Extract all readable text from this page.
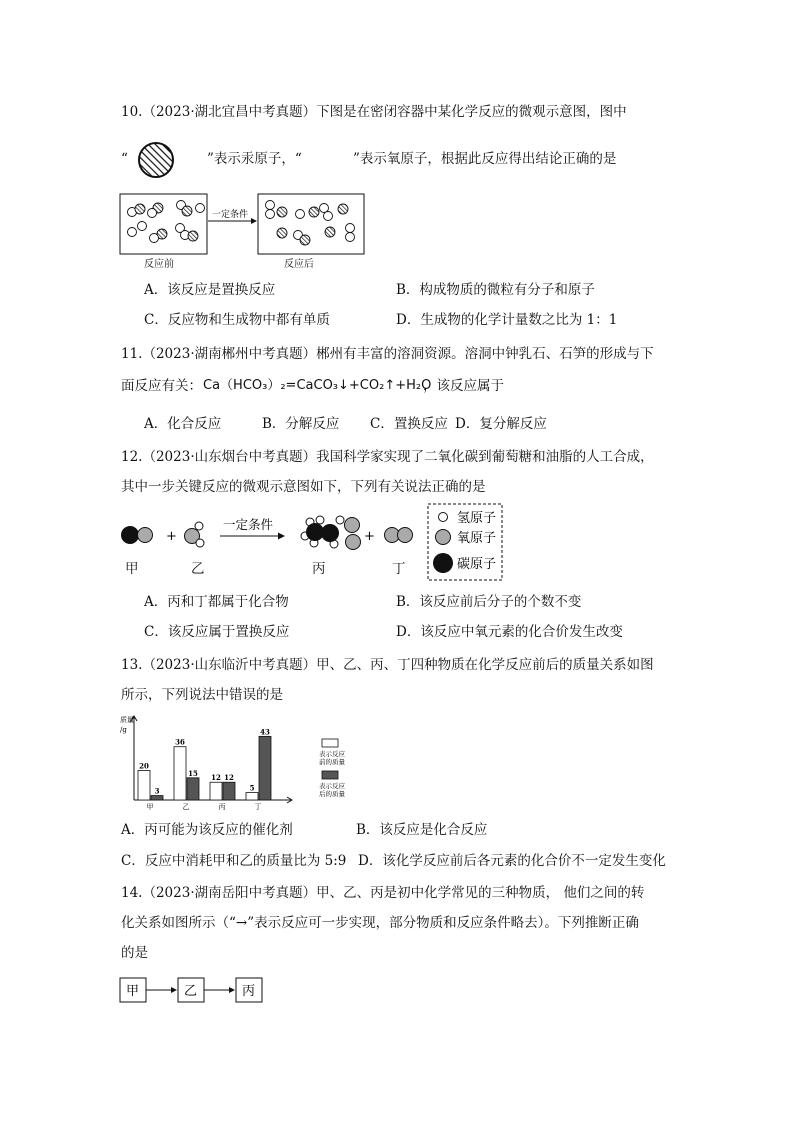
10.（2023·湖北宜昌中考真题）下图是在密闭容器中某化学反应的微观示意图，图中
“	”表示汞原子，“	”表示氧原子，根据此反应得出结论正确的是
一定条件
反应前	反应后
A．该反应是置换反应	B．构成物质的微粒有分子和原子
C．反应物和生成物中都有单质	D．生成物的化学计量数之比为 1：1
11.（2023·湖南郴州中考真题）郴州有丰富的溶洞资源。溶洞中钟乳石、石笋的形成与下
面反应有关： Ca（HCO₃）₂=CaCO₃↓+CO₂↑+H₂O
，该反应属于
A．化合反应	B．分解反应 C．置换反应 D．复分解反应
12.（2023·山东烟台中考真题）我国科学家实现了二氧化碳到葡萄糖和油脂的人工合成，
其中一步关键反应的微观示意图如下，下列有关说法正确的是
+
一定条件
+
氢原子
氧原子
碳原子
甲	乙	丙	丁
A．丙和丁都属于化合物	B．该反应前后分子的个数不变
C．该反应属于置换反应	D．该反应中氧元素的化合价发生改变
13.（2023·山东临沂中考真题）甲、乙、丙、丁四种物质在化学反应前后的质量关系如图
所示，下列说法中错误的是
质量
/g
20
3
甲
36
15
乙
12 12
丙
5
43
丁
表示反应
前的质量
表示反应
后的质量
A．丙可能为该反应的催化剂	B．该反应是化合反应
C．反应中消耗甲和乙的质量比为 5:9 D．该化学反应前后各元素的化合价不一定发生变化
14.（2023·湖南岳阳中考真题）甲、乙、丙是初中化学常见的三种物质， 他们之间的转
化关系如图所示（“→”表示反应可一步实现，部分物质和反应条件略去）。下列推断正确
的是
甲	乙	丙
